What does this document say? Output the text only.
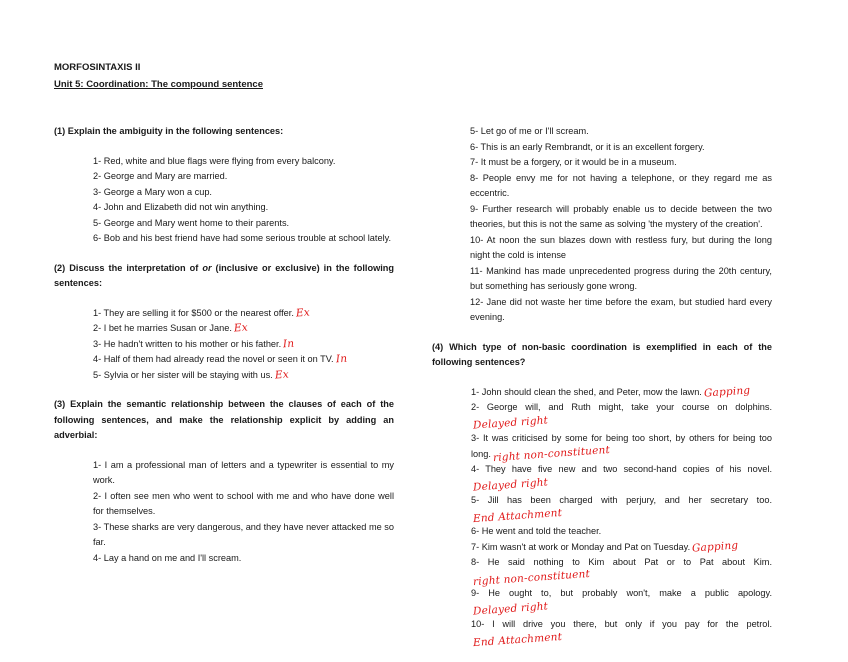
MORFOSINTAXIS II
Unit 5: Coordination: The compound sentence

(1) Explain the ambiguity in the following sentences:

1- Red, white and blue flags were flying from every balcony.
2- George and Mary are married.
3- George a Mary won a cup.
4- John and Elizabeth did not win anything.
5- George and Mary went home to their parents.
6- Bob and his best friend have had some serious trouble at school lately.

(2) Discuss the interpretation of or (inclusive or exclusive) in the following sentences:

1- They are selling it for $500 or the nearest offer. Ex
2- I bet he marries Susan or Jane. Ex
3- He hadn't written to his mother or his father. In
4- Half of them had already read the novel or seen it on TV. In
5- Sylvia or her sister will be staying with us. Ex

(3) Explain the semantic relationship between the clauses of each of the following sentences, and make the relationship explicit by adding an adverbial:

1- I am a professional man of letters and a typewriter is essential to my work.
2- I often see men who went to school with me and who have done well for themselves.
3- These sharks are very dangerous, and they have never attacked me so far.
4- Lay a hand on me and I'll scream.
5- Let go of me or I'll scream.
6- This is an early Rembrandt, or it is an excellent forgery.
7- It must be a forgery, or it would be in a museum.
8- People envy me for not having a telephone, or they regard me as eccentric.
9- Further research will probably enable us to decide between the two theories, but this is not the same as solving 'the mystery of the creation'.
10- At noon the sun blazes down with restless fury, but during the long night the cold is intense
11- Mankind has made unprecedented progress during the 20th century, but something has seriously gone wrong.
12- Jane did not waste her time before the exam, but studied hard every evening.

(4) Which type of non-basic coordination is exemplified in each of the following sentences?

1- John should clean the shed, and Peter, mow the lawn. Gapping
2- George will, and Ruth might, take your course on dolphins.Delayed right
3- It was criticised by some for being too short, by others for being too long. right non-constituent
4- They have five new and two second-hand copies of his novel.Delayed right
5- Jill has been charged with perjury, and her secretary too.End Attachment
6- He went and told the teacher.
7- Kim wasn't at work or Monday and Pat on Tuesday. Gapping
8- He said nothing to Kim about Pat or to Pat about Kim.right non-constituent
9- He ought to, but probably won't, make a public apology.Delayed right
10- I will drive you there, but only if you pay for the petrol.End Attachment
